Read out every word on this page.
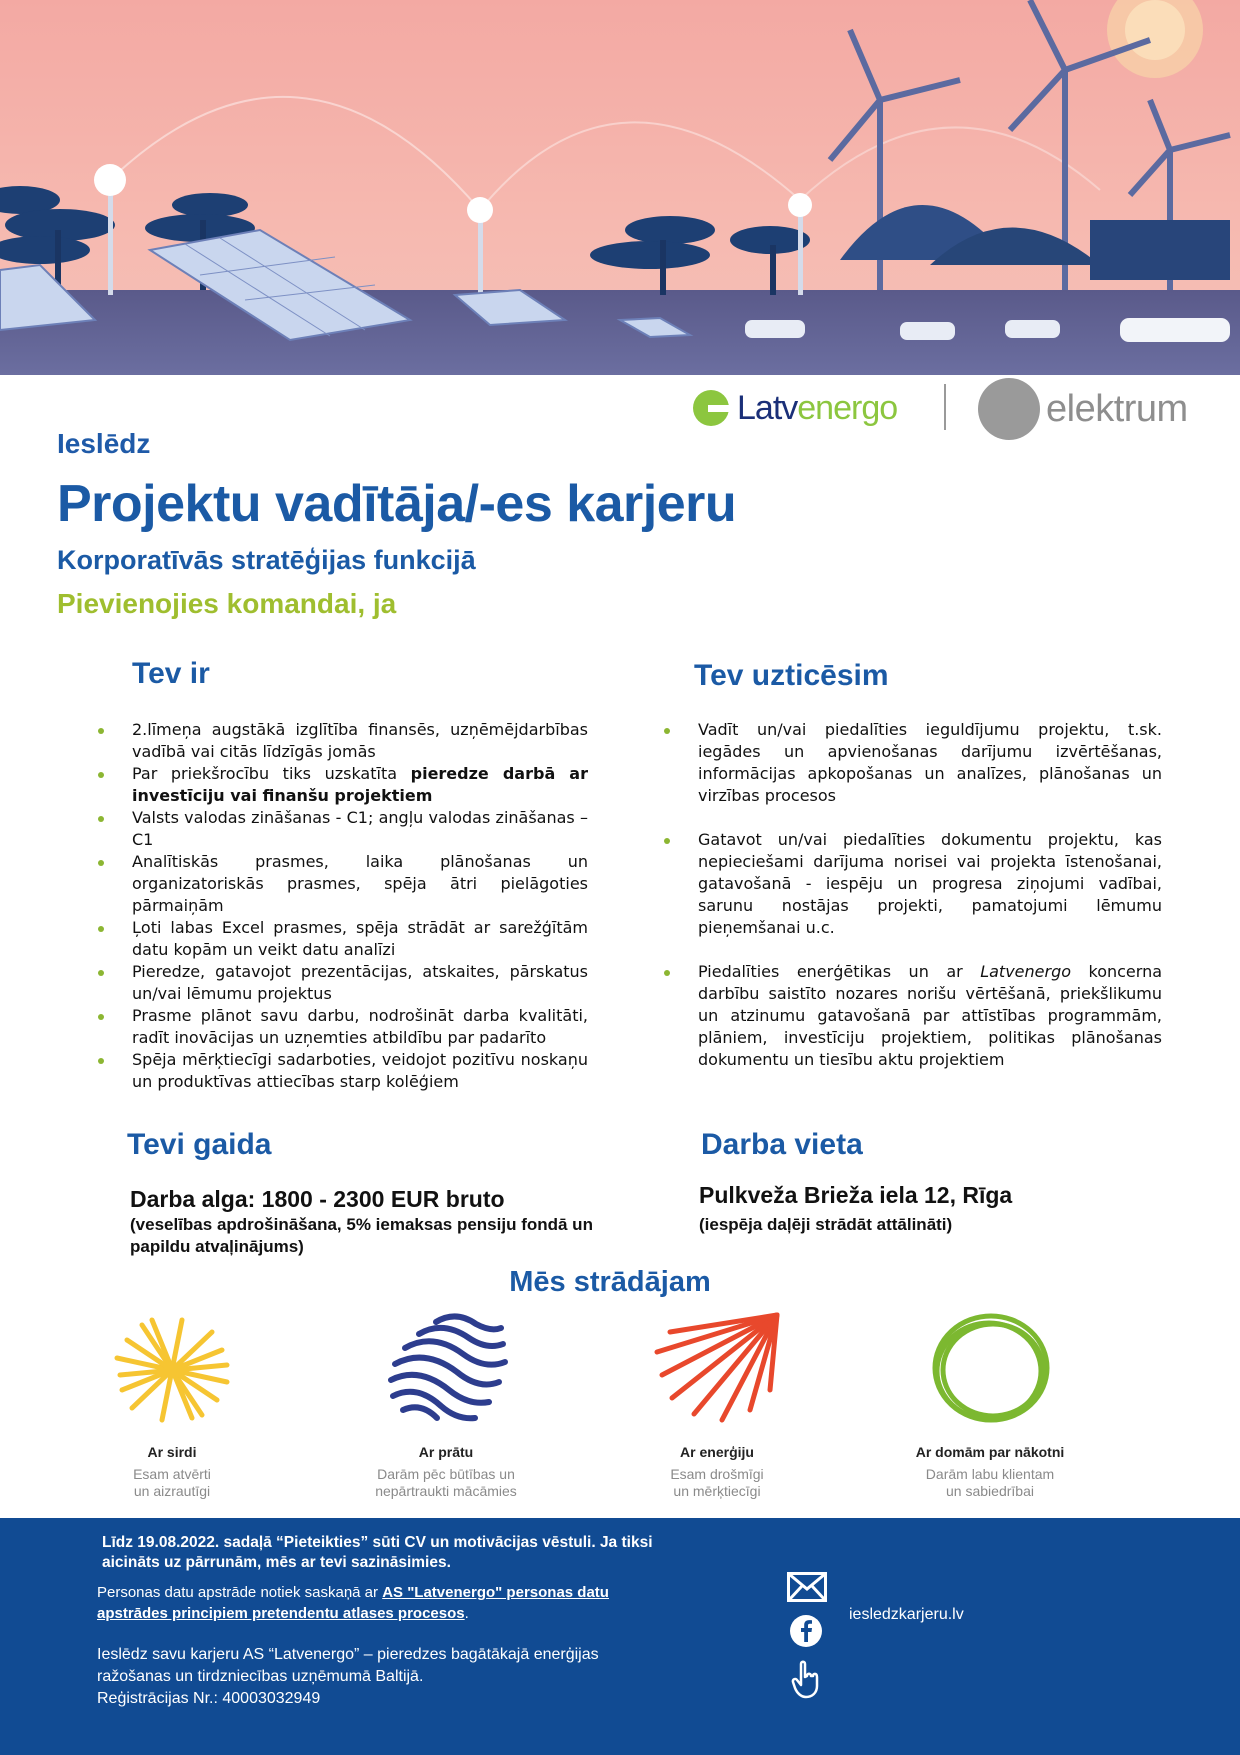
Latvenergo	elektrum
Ieslēdz
Projektu vadītāja/-es karjeru
Korporatīvās stratēģijas funkcijā
Pievienojies komandai, ja
Tev ir
2.līmeņa augstākā izglītība finansēs, uzņēmējdarbības vadībā vai citās līdzīgās jomās
Par priekšrocību tiks uzskatīta pieredze darbā ar investīciju vai finanšu projektiem
Valsts valodas zināšanas - C1; angļu valodas zināšanas – C1
Analītiskās prasmes, laika plānošanas un organizatoriskās prasmes, spēja ātri pielāgoties pārmaiņām
Ļoti labas Excel prasmes, spēja strādāt ar sarežģītām datu kopām un veikt datu analīzi
Pieredze, gatavojot prezentācijas, atskaites, pārskatus un/vai lēmumu projektus
Prasme plānot savu darbu, nodrošināt darba kvalitāti, radīt inovācijas un uzņemties atbildību par padarīto
Spēja mērķtiecīgi sadarboties, veidojot pozitīvu noskaņu un produktīvas attiecības starp kolēģiem
Tev uzticēsim
Vadīt un/vai piedalīties ieguldījumu projektu, t.sk. iegādes un apvienošanas darījumu izvērtēšanas, informācijas apkopošanas un analīzes, plānošanas un virzības procesos
Gatavot un/vai piedalīties dokumentu projektu, kas nepieciešami darījuma norisei vai projekta īstenošanai, gatavošanā - iespēju un progresa ziņojumi vadībai, sarunu nostājas projekti, pamatojumi lēmumu pieņemšanai u.c.
Piedalīties enerģētikas un ar Latvenergo koncerna darbību saistīto nozares norišu vērtēšanā, priekšlikumu un atzinumu gatavošanā par attīstības programmām, plāniem, investīciju projektiem, politikas plānošanas dokumentu un tiesību aktu projektiem
Tevi gaida
Darba alga: 1800 - 2300 EUR bruto
(veselības apdrošināšana, 5% iemaksas pensiju fondā un papildu atvaļinājums)
Darba vieta
Pulkveža Brieža iela 12, Rīga
(iespēja daļēji strādāt attālināti)
Mēs strādājam
Ar sirdi
Esam atvērti
un aizrautīgi
Ar prātu
Darām pēc būtības un
nepārtraukti mācāmies
Ar enerģiju
Esam drošmīgi
un mērķtiecīgi
Ar domām par nākotni
Darām labu klientam
un sabiedrībai
Līdz 19.08.2022. sadaļā “Pieteikties” sūti CV un motivācijas vēstuli. Ja tiksi aicināts uz pārrunām, mēs ar tevi sazināsimies.
Personas datu apstrāde notiek saskaņā ar AS "Latvenergo" personas datu apstrādes principiem pretendentu atlases procesos.
Ieslēdz savu karjeru AS “Latvenergo” – pieredzes bagātākajā enerģijas ražošanas un tirdzniecības uzņēmumā Baltijā.
Reģistrācijas Nr.: 40003032949
iesledzkarjeru.lv
